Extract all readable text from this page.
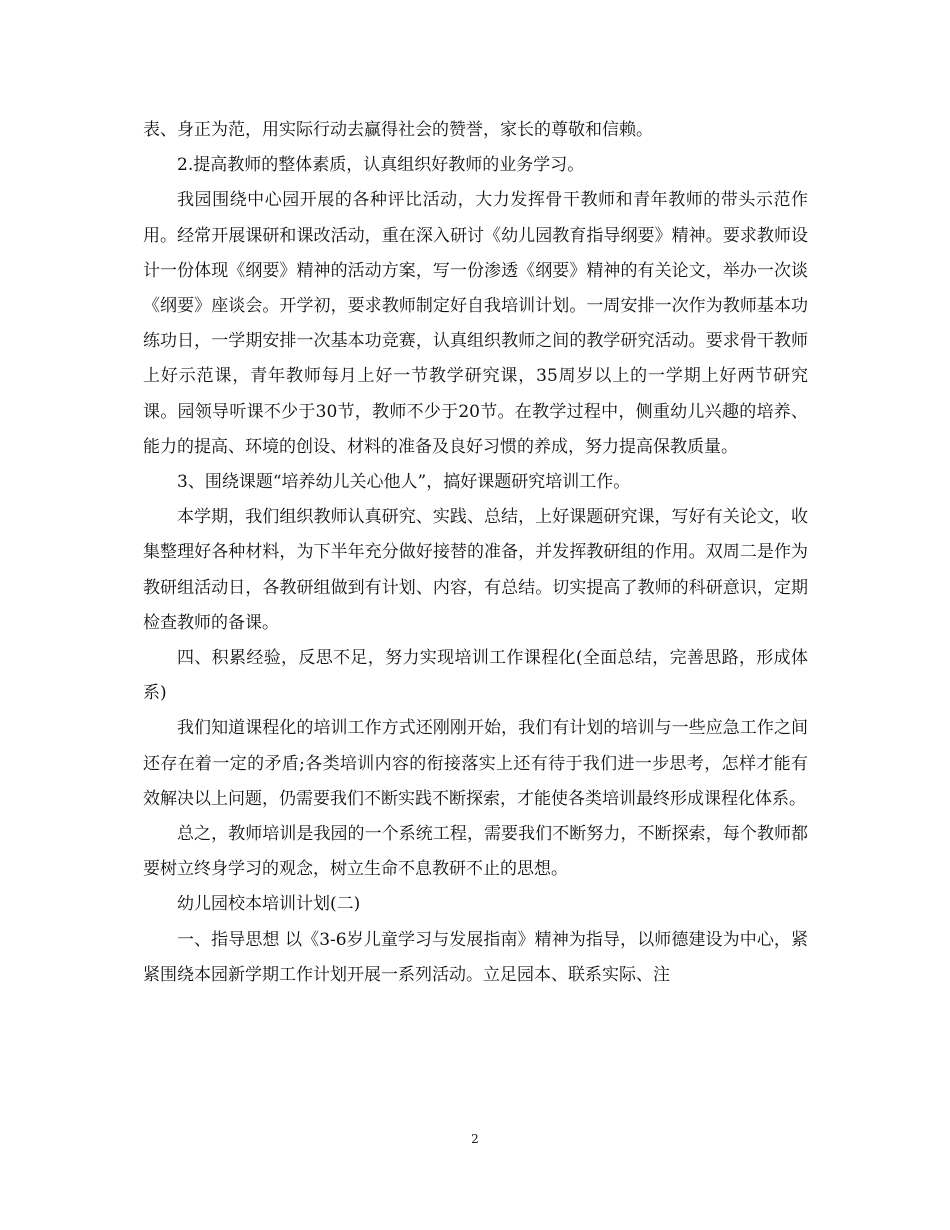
表、身正为范，用实际行动去赢得社会的赞誉，家长的尊敬和信赖。

2.提高教师的整体素质，认真组织好教师的业务学习。

我园围绕中心园开展的各种评比活动，大力发挥骨干教师和青年教师的带头示范作用。经常开展课研和课改活动，重在深入研讨《幼儿园教育指导纲要》精神。要求教师设计一份体现《纲要》精神的活动方案，写一份渗透《纲要》精神的有关论文，举办一次谈《纲要》座谈会。开学初，要求教师制定好自我培训计划。一周安排一次作为教师基本功练功日，一学期安排一次基本功竞赛，认真组织教师之间的教学研究活动。要求骨干教师上好示范课，青年教师每月上好一节教学研究课，35周岁以上的一学期上好两节研究课。园领导听课不少于30节，教师不少于20节。在教学过程中，侧重幼儿兴趣的培养、能力的提高、环境的创设、材料的准备及良好习惯的养成，努力提高保教质量。

3、围绕课题“培养幼儿关心他人”，搞好课题研究培训工作。

本学期，我们组织教师认真研究、实践、总结，上好课题研究课，写好有关论文，收集整理好各种材料，为下半年充分做好接替的准备，并发挥教研组的作用。双周二是作为教研组活动日，各教研组做到有计划、内容，有总结。切实提高了教师的科研意识，定期检查教师的备课。

四、积累经验，反思不足，努力实现培训工作课程化(全面总结，完善思路，形成体系)

我们知道课程化的培训工作方式还刚刚开始，我们有计划的培训与一些应急工作之间还存在着一定的矛盾;各类培训内容的衔接落实上还有待于我们进一步思考，怎样才能有效解决以上问题，仍需要我们不断实践不断探索，才能使各类培训最终形成课程化体系。

总之，教师培训是我园的一个系统工程，需要我们不断努力，不断探索，每个教师都要树立终身学习的观念，树立生命不息教研不止的思想。

幼儿园校本培训计划(二)

一、指导思想 以《3-6岁儿童学习与发展指南》精神为指导，以师德建设为中心，紧紧围绕本园新学期工作计划开展一系列活动。立足园本、联系实际、注

2
